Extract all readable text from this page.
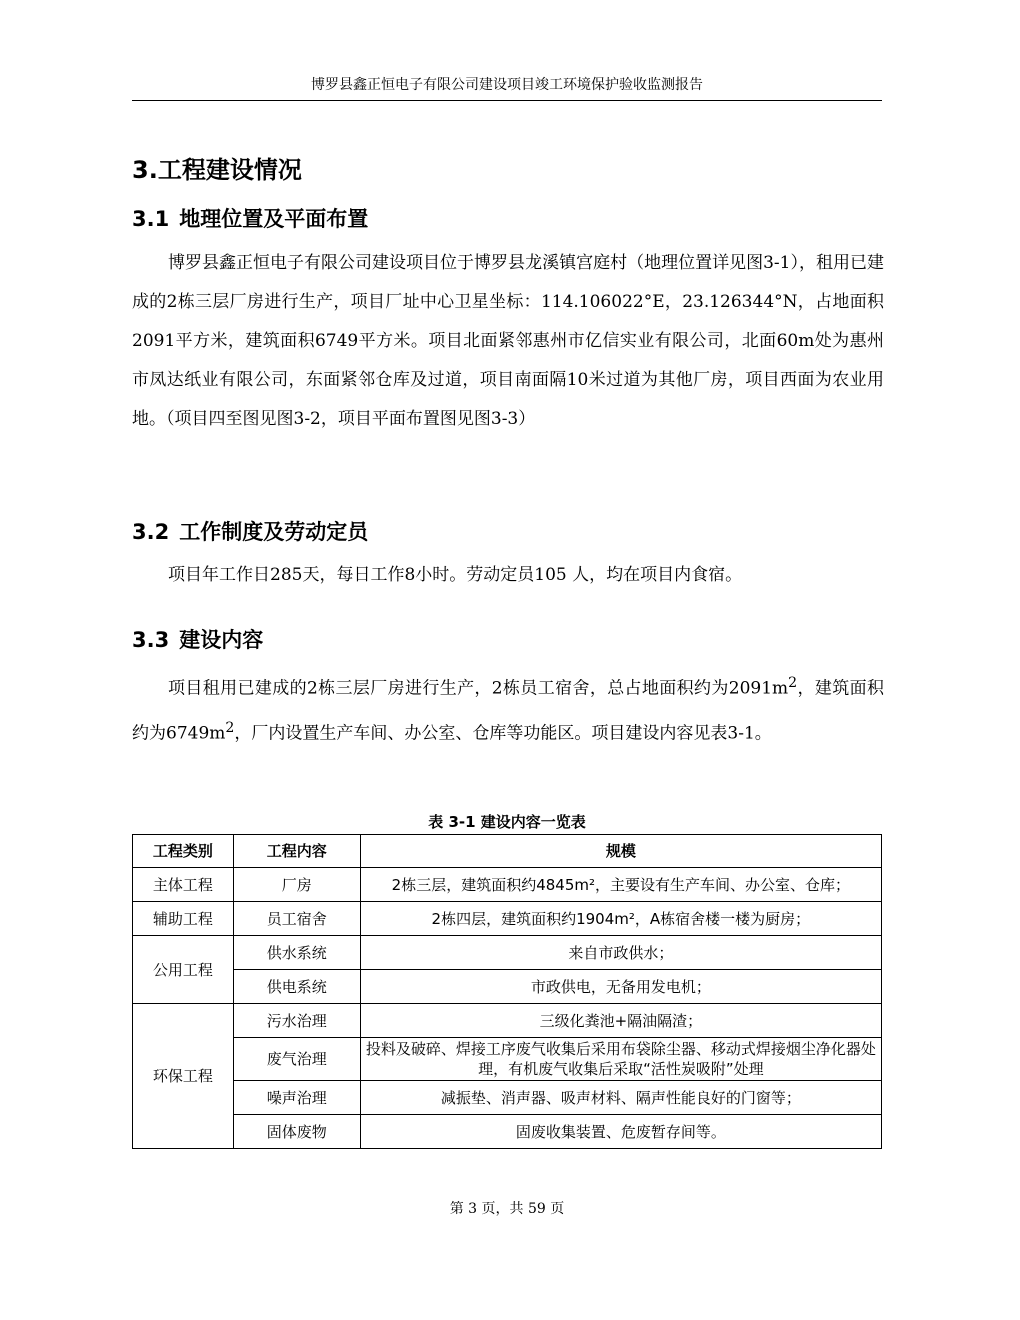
博罗县鑫正恒电子有限公司建设项目竣工环境保护验收监测报告
3.工程建设情况
3.1 地理位置及平面布置

博罗县鑫正恒电子有限公司建设项目位于博罗县龙溪镇宫庭村（地理位置详见图3-1），租用已建成的2栋三层厂房进行生产，项目厂址中心卫星坐标：114.106022°E，23.126344°N，占地面积2091平方米，建筑面积6749平方米。项目北面紧邻惠州市亿信实业有限公司，北面60m处为惠州市凤达纸业有限公司，东面紧邻仓库及过道，项目南面隔10米过道为其他厂房，项目西面为农业用地。（项目四至图见图3-2，项目平面布置图见图3-3）

3.2 工作制度及劳动定员

项目年工作日285天，每日工作8小时。劳动定员105 人，均在项目内食宿。

3.3 建设内容

项目租用已建成的2栋三层厂房进行生产，2栋员工宿舍，总占地面积约为$2091m^2$，建筑面积约为$6749m^2$，厂内设置生产车间、办公室、仓库等功能区。项目建设内容见表3-1。

表 3-1 建设内容一览表
工程类别	工程内容	规模
主体工程	厂房	2栋三层，建筑面积约4845m²，主要设有生产车间、办公室、仓库；
辅助工程	员工宿舍	2栋四层，建筑面积约1904m²，A栋宿舍楼一楼为厨房；
公用工程	供水系统	来自市政供水；
	供电系统	市政供电，无备用发电机；
环保工程	污水治理	三级化粪池+隔油隔渣；
	废气治理	投料及破碎、焊接工序废气收集后采用布袋除尘器、移动式焊接烟尘净化器处理，有机废气收集后采取“活性炭吸附”处理
	噪声治理	减振垫、消声器、吸声材料、隔声性能良好的门窗等；
	固体废物	固废收集装置、危废暂存间等。
第 3 页，共 59 页
